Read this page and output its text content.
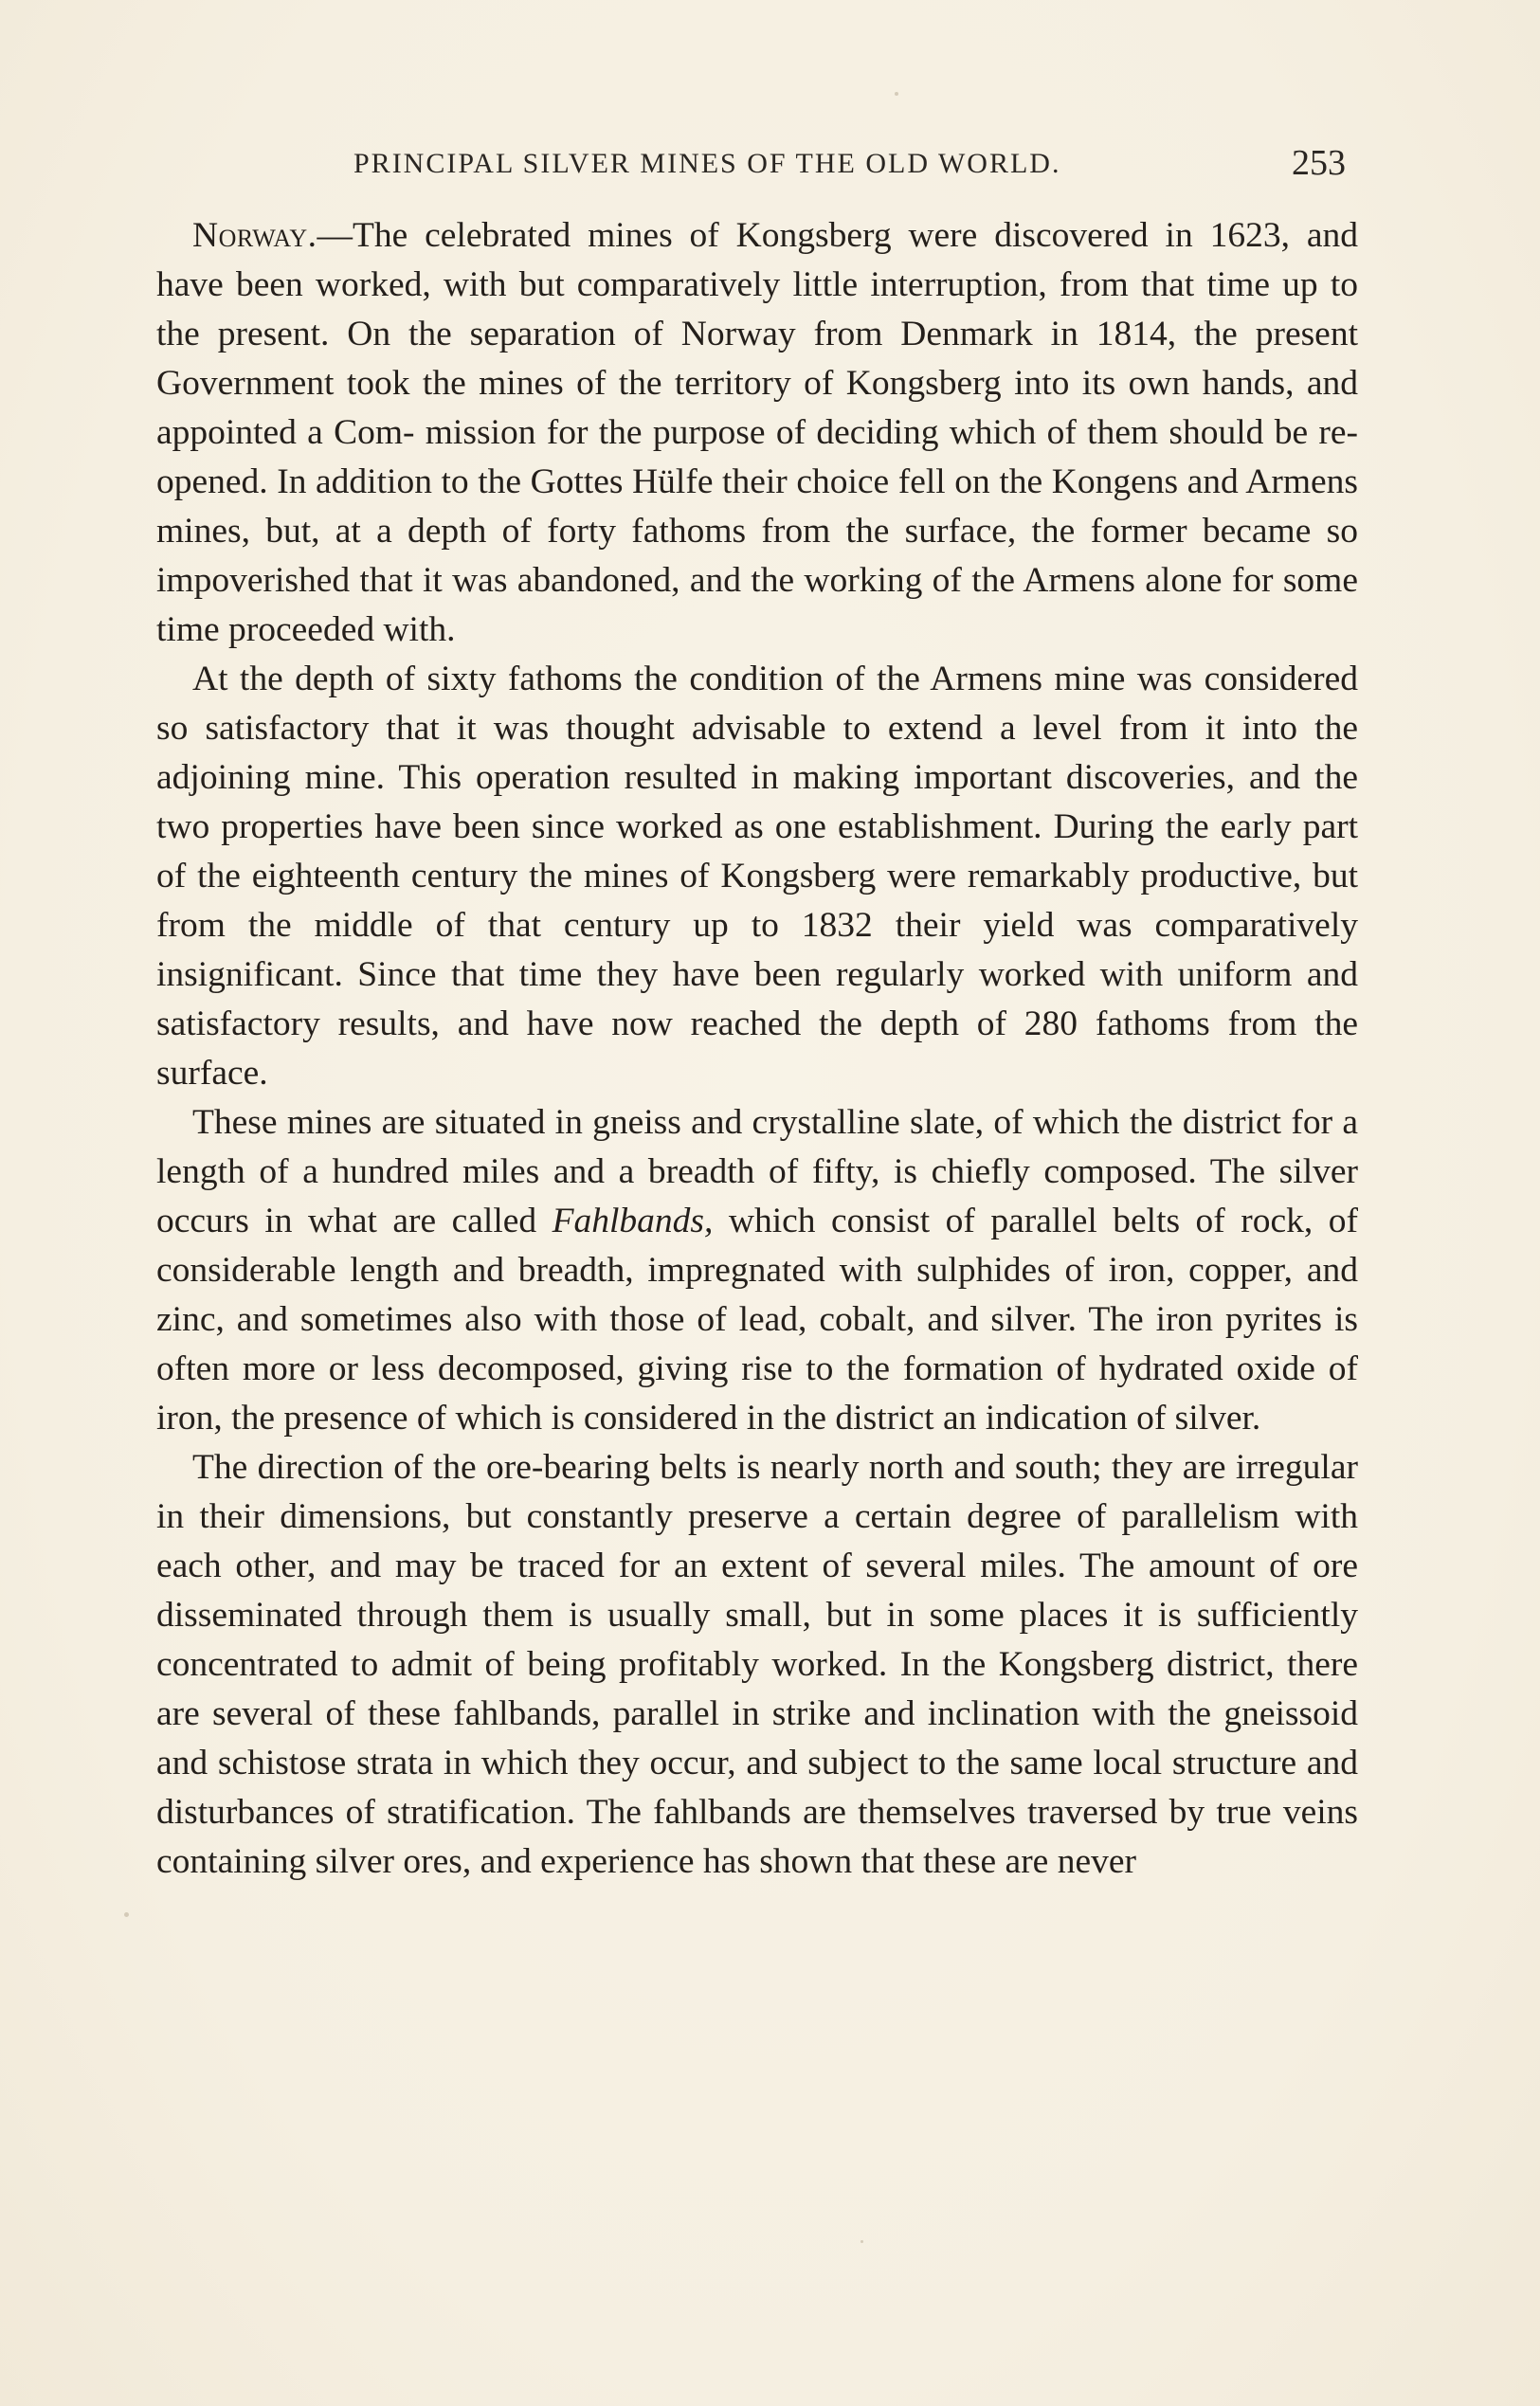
PRINCIPAL SILVER MINES OF THE OLD WORLD.	253

Norway.—The celebrated mines of Kongsberg were discovered in 1623, and have been worked, with but comparatively little interruption, from that time up to the present. On the separation of Norway from Denmark in 1814, the present Government took the mines of the territory of Kongsberg into its own hands, and appointed a Com- mission for the purpose of deciding which of them should be re-opened. In addition to the Gottes Hülfe their choice fell on the Kongens and Armens mines, but, at a depth of forty fathoms from the surface, the former became so impoverished that it was abandoned, and the working of the Armens alone for some time proceeded with.

At the depth of sixty fathoms the condition of the Armens mine was considered so satisfactory that it was thought advisable to extend a level from it into the adjoining mine. This operation resulted in making important discoveries, and the two properties have been since worked as one establishment. During the early part of the eighteenth century the mines of Kongsberg were remarkably productive, but from the middle of that century up to 1832 their yield was comparatively insignificant. Since that time they have been regularly worked with uniform and satisfactory results, and have now reached the depth of 280 fathoms from the surface.

These mines are situated in gneiss and crystalline slate, of which the district for a length of a hundred miles and a breadth of fifty, is chiefly composed. The silver occurs in what are called Fahlbands, which consist of parallel belts of rock, of considerable length and breadth, impregnated with sulphides of iron, copper, and zinc, and sometimes also with those of lead, cobalt, and silver. The iron pyrites is often more or less decomposed, giving rise to the formation of hydrated oxide of iron, the presence of which is considered in the district an indication of silver.

The direction of the ore-bearing belts is nearly north and south; they are irregular in their dimensions, but constantly preserve a certain degree of parallelism with each other, and may be traced for an extent of several miles. The amount of ore disseminated through them is usually small, but in some places it is sufficiently concentrated to admit of being profitably worked. In the Kongsberg district, there are several of these fahlbands, parallel in strike and inclination with the gneissoid and schistose strata in which they occur, and subject to the same local structure and disturbances of stratification. The fahlbands are themselves traversed by true veins containing silver ores, and experience has shown that these are never
